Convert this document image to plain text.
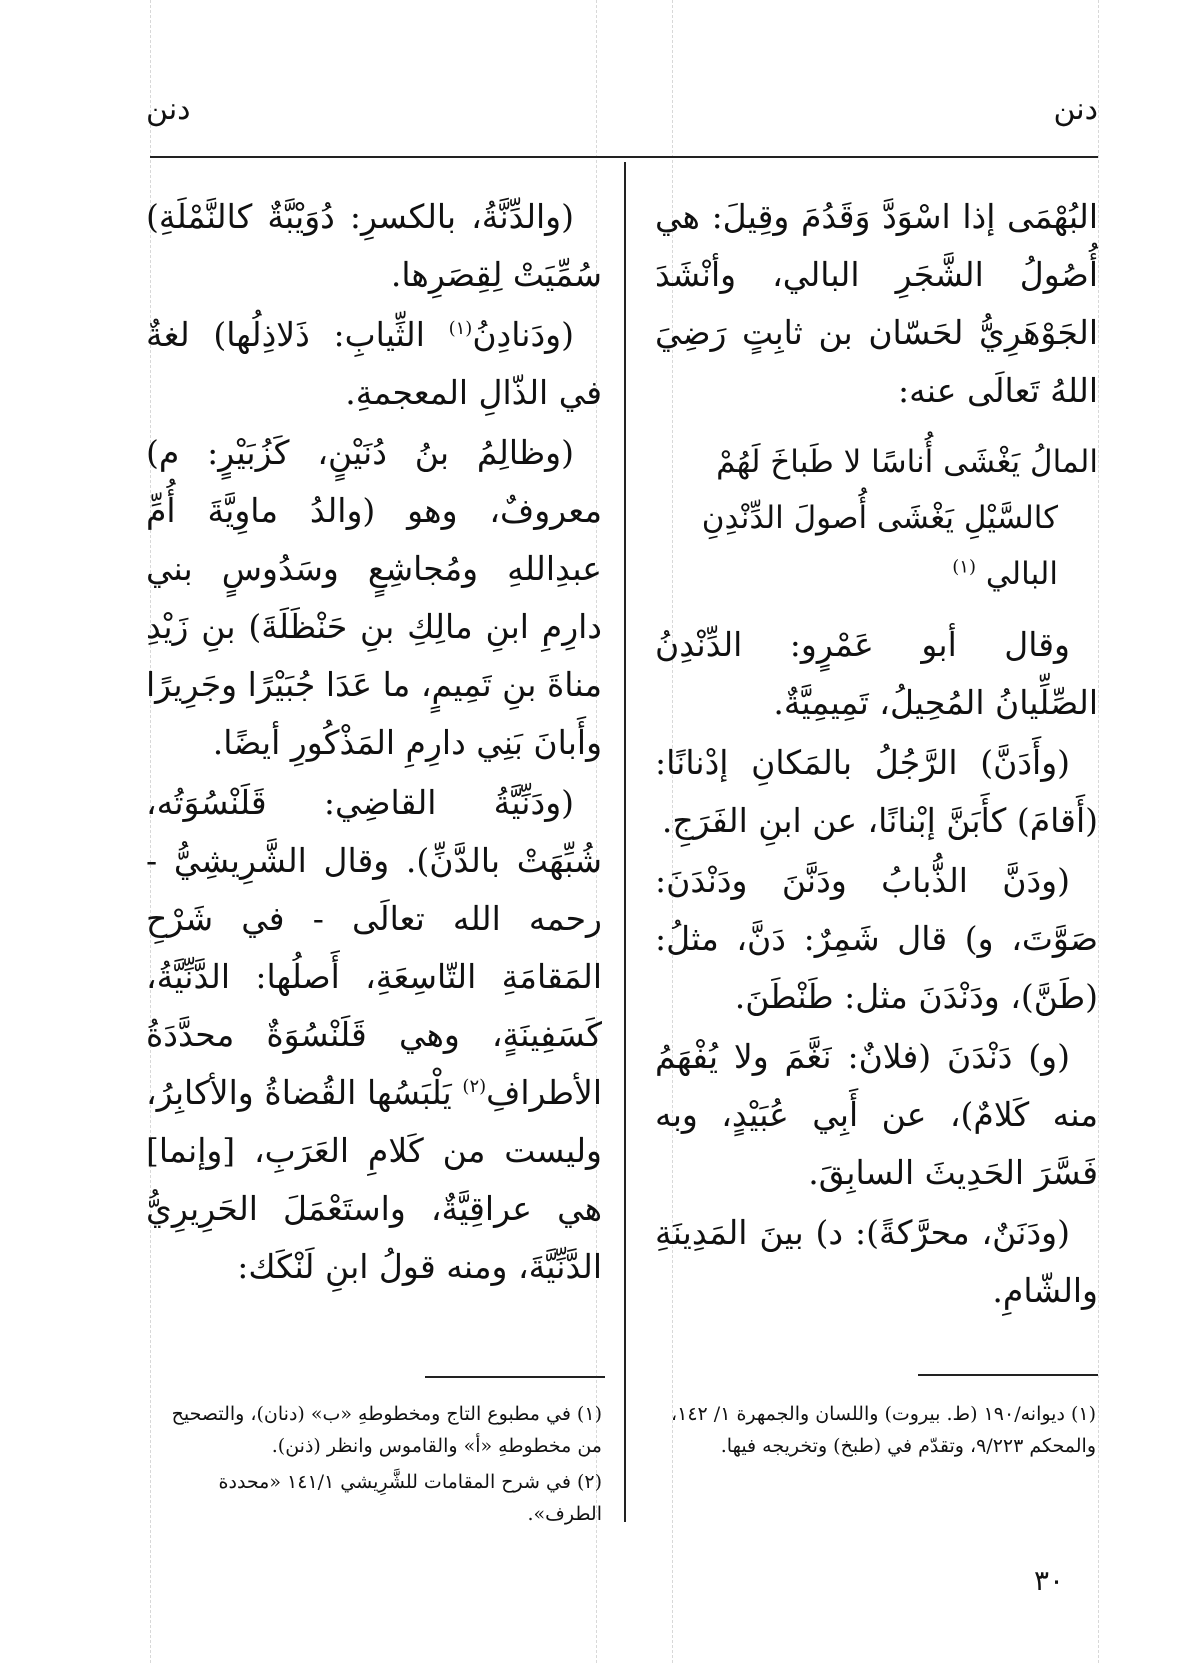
دنن
دنن

البُهْمَى إذا اسْوَدَّ وَقَدُمَ وقِيلَ: هي أُصُولُ الشَّجَرِ البالي، وأنْشَدَ الجَوْهَرِيُّ لحَسّان بن ثابِتٍ رَضِيَ اللهُ تَعالَى عنه:

المالُ يَغْشَى أُناسًا لا طَباخَ لَهُمْ
كالسَّيْلِ يَغْشَى أُصولَ الدِّنْدِنِ البالي $^{(١)}$

وقال أبو عَمْرٍو: الدِّنْدِنُ الصِّلِّيانُ المُحِيلُ، تَمِيمِيَّةٌ.

(وأَدَنَّ) الرَّجُلُ بالمَكانِ إدْنانًا: (أَقامَ) كأَبَنَّ إبْنانًا، عن ابنِ الفَرَجِ.

(ودَنَّ الذُّبابُ ودَنَّنَ ودَنْدَنَ: صَوَّتَ، و) قال شَمِرٌ: دَنَّ، مثلُ: (طَنَّ)، ودَنْدَنَ مثل: طَنْطَنَ.

(و) دَنْدَنَ (فلانٌ: نَغَّمَ ولا يُفْهَمُ منه كَلامٌ)، عن أَبِي عُبَيْدٍ، وبه فَسَّرَ الحَدِيثَ السابِقَ.

(ودَنَنٌ، محرَّكةً): د) بينَ المَدِينَةِ والشّامِ.

(والدِّنَّةُ، بالكسرِ: دُوَيْبَّةٌ كالنَّمْلَةِ) سُمِّيَتْ لِقِصَرِها.

(ودَنادِنُ$^{(١)}$ الثِّيابِ: ذَلاذِلُها) لغةٌ في الذّالِ المعجمةِ.

(وظالِمُ بنُ دُنَيْنٍ، كَزُبَيْرٍ: م) معروفٌ، وهو (والدُ ماوِيَّةَ أُمِّ عبدِاللهِ ومُجاشِعٍ وسَدُوسٍ بني دارِمِ ابنِ مالِكِ بنِ حَنْظَلَةَ) بنِ زَيْدِ مناةَ بنِ تَمِيمٍ، ما عَدَا جُبَيْرًا وجَرِيرًا وأَبانَ بَنِي دارِمِ المَذْكُورِ أيضًا.

(ودَنِّيَّةُ القاضِي: قَلَنْسُوَتُه، شُبِّهَتْ بالدَّنِّ). وقال الشَّرِيشِيُّ - رحمه الله تعالَى - في شَرْحِ المَقامَةِ التّاسِعَةِ، أَصلُها: الدَّنِّيَّةُ، كَسَفِينَةٍ، وهي قَلَنْسُوَةٌ محدَّدَةُ الأطرافِ$^{(٢)}$ يَلْبَسُها القُضاةُ والأكابِرُ، وليست من كَلامِ العَرَبِ، [وإنما] هي عراقِيَّةٌ، واستَعْمَلَ الحَرِيرِيُّ الدَّنِّيَّةَ، ومنه قولُ ابنِ لَنْكَك:

(١) ديوانه/١٩٠ (ط. بيروت) واللسان والجمهرة ١/ ١٤٢، والمحكم ٩/٢٢٣، وتقدّم في (طبخ) وتخريجه فيها.
(١) في مطبوع التاج ومخطوطهِ «ب» (دنان)، والتصحيح من مخطوطهِ «أ» والقاموس وانظر (ذنن).
(٢) في شرح المقامات للشَّرِيشي ١٤١/١ «محددة الطرف».
٣٠
